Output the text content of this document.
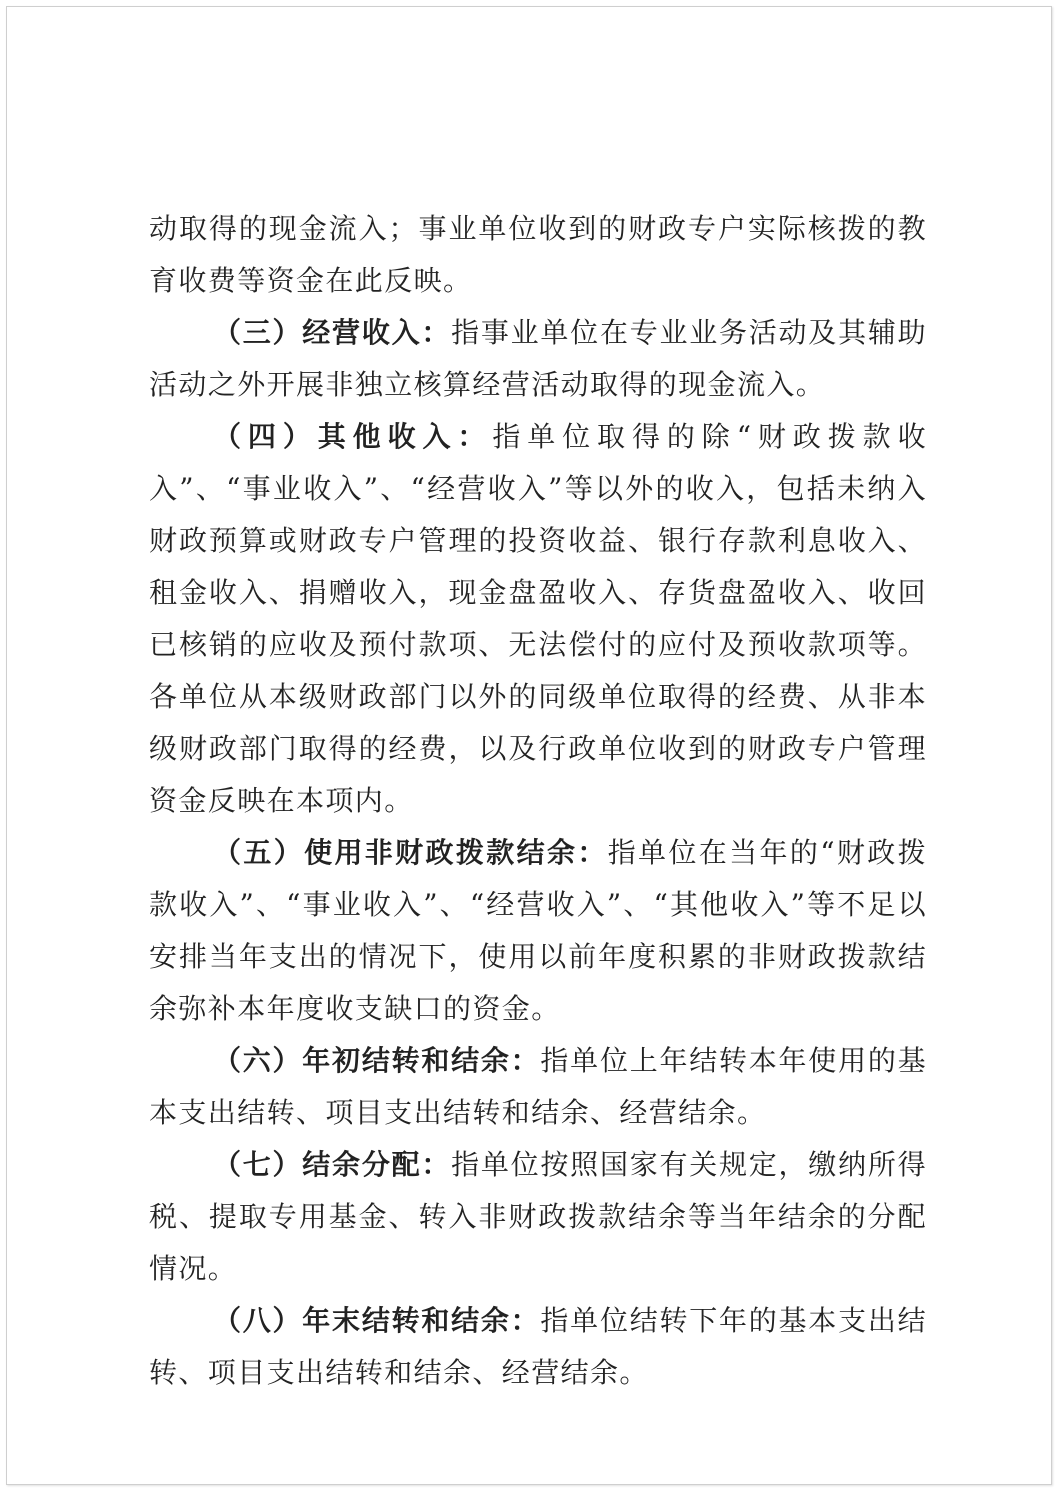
动取得的现金流入；事业单位收到的财政专户实际核拨的教育收费等资金在此反映。

（三）经营收入：指事业单位在专业业务活动及其辅助活动之外开展非独立核算经营活动取得的现金流入。

（四）其他收入：指单位取得的除“财政拨款收入”、“事业收入”、“经营收入”等以外的收入，包括未纳入财政预算或财政专户管理的投资收益、银行存款利息收入、租金收入、捐赠收入，现金盘盈收入、存货盘盈收入、收回已核销的应收及预付款项、无法偿付的应付及预收款项等。各单位从本级财政部门以外的同级单位取得的经费、从非本级财政部门取得的经费，以及行政单位收到的财政专户管理资金反映在本项内。

（五）使用非财政拨款结余：指单位在当年的“财政拨款收入”、“事业收入”、“经营收入”、“其他收入”等不足以安排当年支出的情况下，使用以前年度积累的非财政拨款结余弥补本年度收支缺口的资金。

（六）年初结转和结余：指单位上年结转本年使用的基本支出结转、项目支出结转和结余、经营结余。

（七）结余分配：指单位按照国家有关规定，缴纳所得税、提取专用基金、转入非财政拨款结余等当年结余的分配情况。

（八）年末结转和结余：指单位结转下年的基本支出结转、项目支出结转和结余、经营结余。
